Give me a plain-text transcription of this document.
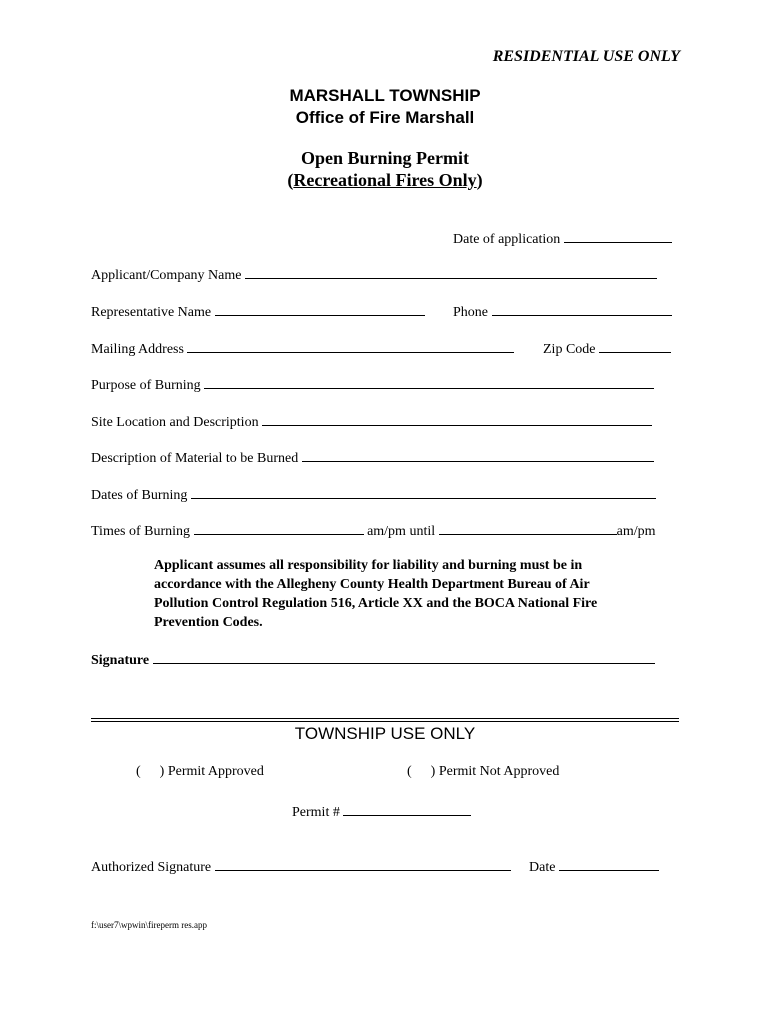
RESIDENTIAL USE ONLY
MARSHALL TOWNSHIP
Office of Fire Marshall
Open Burning Permit
(Recreational Fires Only)
Date of application
Applicant/Company Name
Representative Name	Phone
Mailing Address	Zip Code
Purpose of Burning
Site Location and Description
Description of Material to be Burned
Dates of Burning
Times of Burning	am/pm until	am/pm
Applicant assumes all responsibility for liability and burning must be in accordance with the Allegheny County Health Department Bureau of Air Pollution Control Regulation 516, Article XX and the BOCA National Fire Prevention Codes.
Signature
TOWNSHIP USE ONLY
( ) Permit Approved	( ) Permit Not Approved
Permit #
Authorized Signature	Date
f:\user7\wpwin\fireperm res.app
